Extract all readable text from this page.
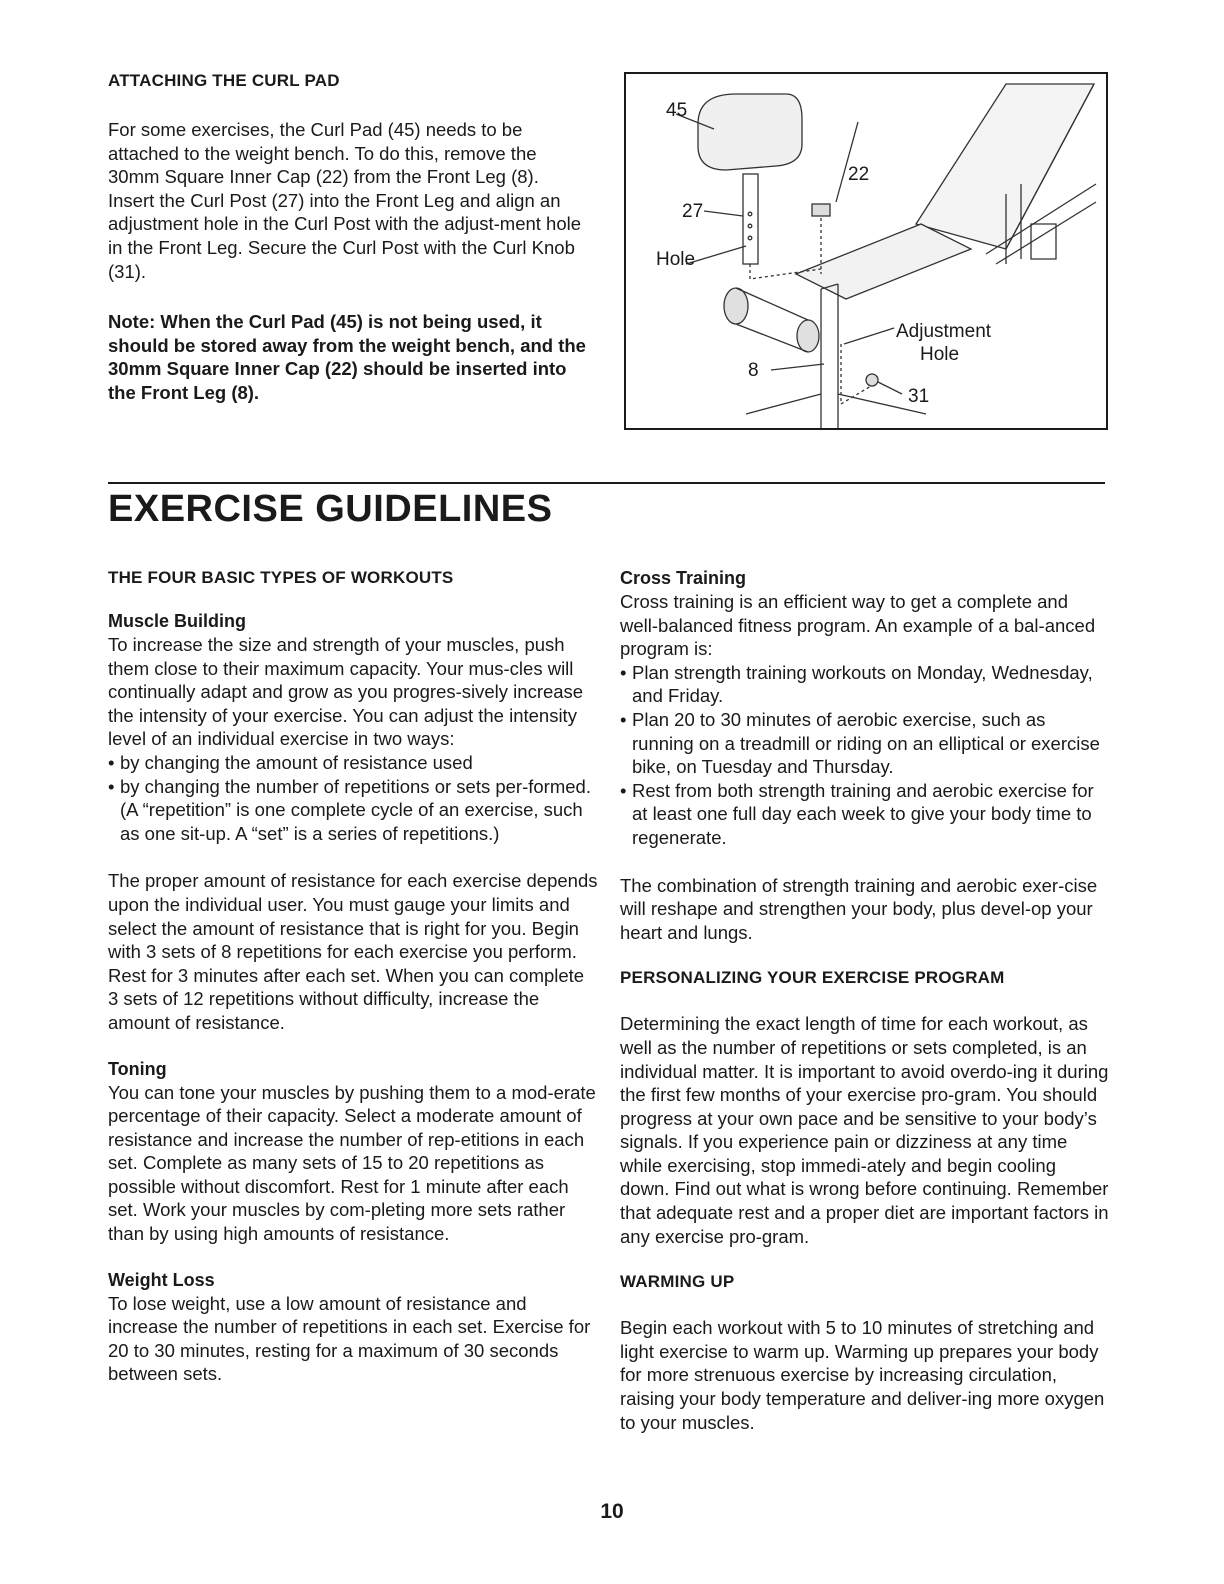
ATTACHING THE CURL PAD

For some exercises, the Curl Pad (45) needs to be attached to the weight bench. To do this, remove the 30mm Square Inner Cap (22) from the Front Leg (8). Insert the Curl Post (27) into the Front Leg and align an adjustment hole in the Curl Post with the adjust-ment hole in the Front Leg. Secure the Curl Post with the Curl Knob (31).

Note: When the Curl Pad (45) is not being used, it should be stored away from the weight bench, and the 30mm Square Inner Cap (22) should be inserted into the Front Leg (8).

45
22
27
Hole
Adjustment
Hole
8
31
EXERCISE GUIDELINES
THE FOUR BASIC TYPES OF WORKOUTS
Muscle Building

To increase the size and strength of your muscles, push them close to their maximum capacity. Your mus-cles will continually adapt and grow as you progres-sively increase the intensity of your exercise. You can adjust the intensity level of an individual exercise in two ways:

• by changing the amount of resistance used
• by changing the number of repetitions or sets per-formed. (A “repetition” is one complete cycle of an exercise, such as one sit-up. A “set” is a series of repetitions.)

The proper amount of resistance for each exercise depends upon the individual user. You must gauge your limits and select the amount of resistance that is right for you. Begin with 3 sets of 8 repetitions for each exercise you perform. Rest for 3 minutes after each set. When you can complete 3 sets of 12 repetitions without difficulty, increase the amount of resistance.

Toning

You can tone your muscles by pushing them to a mod-erate percentage of their capacity. Select a moderate amount of resistance and increase the number of rep-etitions in each set. Complete as many sets of 15 to 20 repetitions as possible without discomfort. Rest for 1 minute after each set. Work your muscles by com-pleting more sets rather than by using high amounts of resistance.

Weight Loss

To lose weight, use a low amount of resistance and increase the number of repetitions in each set. Exercise for 20 to 30 minutes, resting for a maximum of 30 seconds between sets.

Cross Training

Cross training is an efficient way to get a complete and well-balanced fitness program. An example of a bal-anced program is:

• Plan strength training workouts on Monday, Wednesday, and Friday.
• Plan 20 to 30 minutes of aerobic exercise, such as running on a treadmill or riding on an elliptical or exercise bike, on Tuesday and Thursday.
• Rest from both strength training and aerobic exercise for at least one full day each week to give your body time to regenerate.

The combination of strength training and aerobic exer-cise will reshape and strengthen your body, plus devel-op your heart and lungs.

PERSONALIZING YOUR EXERCISE PROGRAM

Determining the exact length of time for each workout, as well as the number of repetitions or sets completed, is an individual matter. It is important to avoid overdo-ing it during the first few months of your exercise pro-gram. You should progress at your own pace and be sensitive to your body’s signals. If you experience pain or dizziness at any time while exercising, stop immedi-ately and begin cooling down. Find out what is wrong before continuing. Remember that adequate rest and a proper diet are important factors in any exercise pro-gram.

WARMING UP

Begin each workout with 5 to 10 minutes of stretching and light exercise to warm up. Warming up prepares your body for more strenuous exercise by increasing circulation, raising your body temperature and deliver-ing more oxygen to your muscles.

10
